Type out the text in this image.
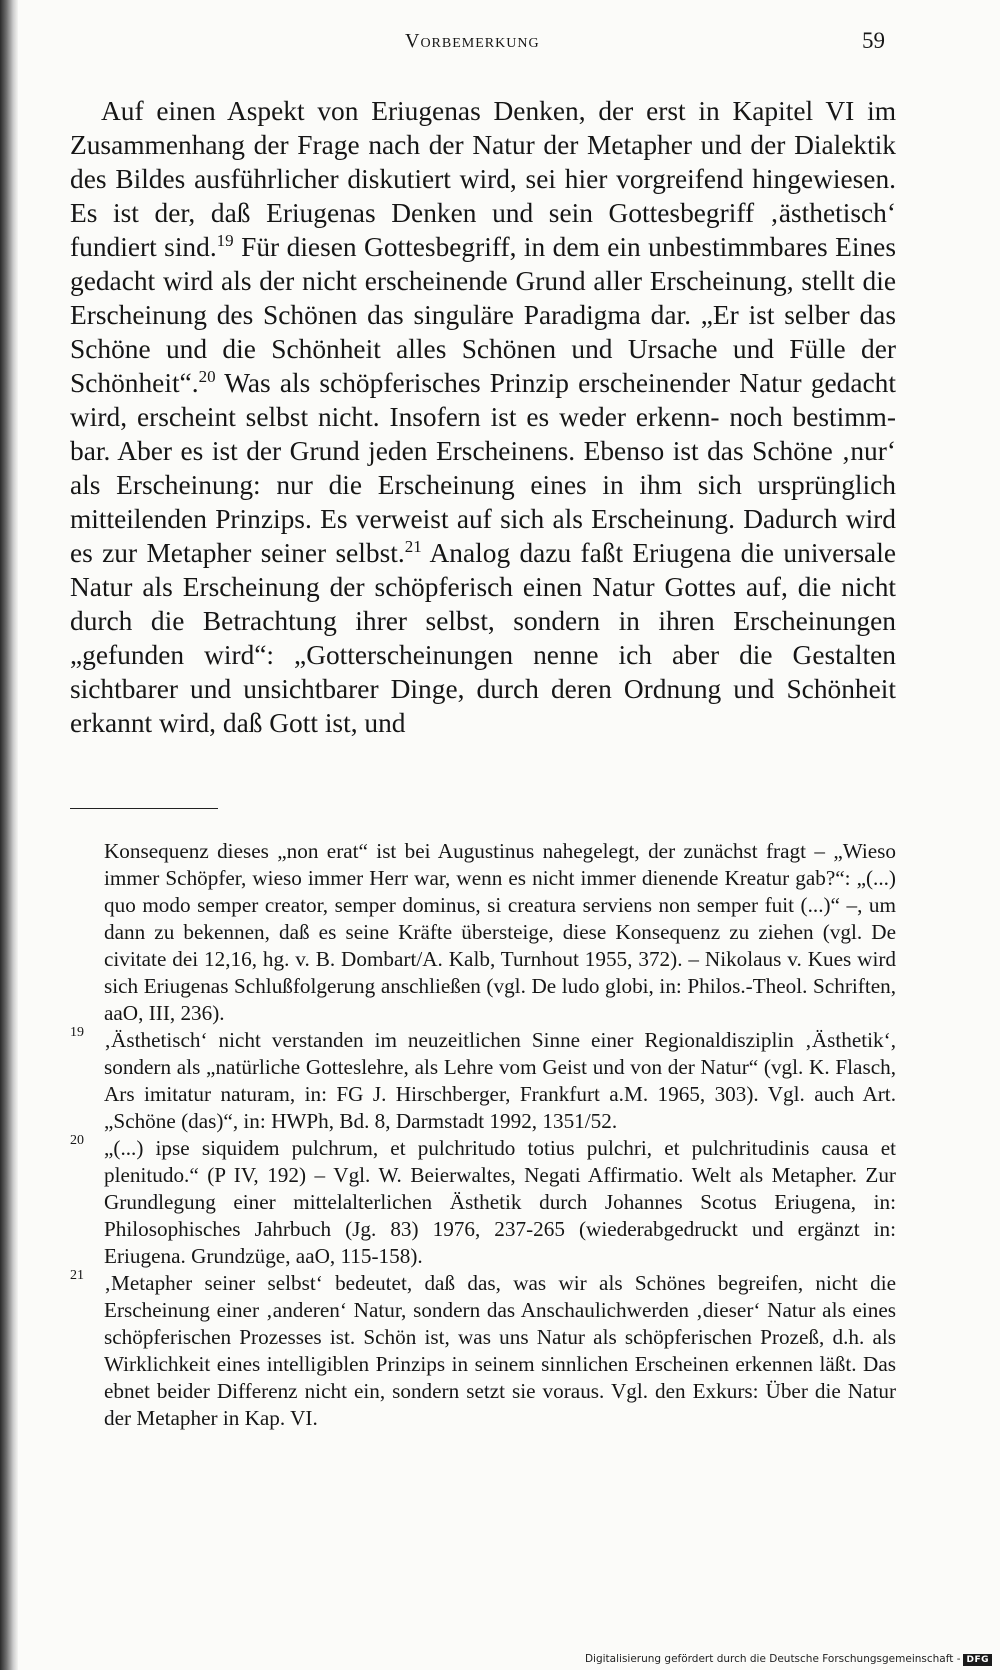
Vorbemerkung	59

Auf einen Aspekt von Eriugenas Denken, der erst in Kapitel VI im Zusammenhang der Frage nach der Natur der Metapher und der Dialektik des Bildes ausführlicher diskutiert wird, sei hier vorgreifend hingewiesen. Es ist der, daß Eriugenas Denken und sein Gottesbegriff ‚ästhetisch‘ fundiert sind.$^{19}$ Für diesen Gottesbegriff, in dem ein unbestimmbares Eines gedacht wird als der nicht erscheinende Grund aller Erscheinung, stellt die Erscheinung des Schönen das singuläre Paradigma dar. „Er ist selber das Schöne und die Schönheit alles Schönen und Ursache und Fülle der Schönheit“.$^{20}$ Was als schöpferisches Prinzip erscheinender Natur gedacht wird, erscheint selbst nicht. Insofern ist es weder erkenn- noch bestimmbar. Aber es ist der Grund jeden Erscheinens. Ebenso ist das Schöne ‚nur‘ als Erscheinung: nur die Erscheinung eines in ihm sich ursprünglich mitteilenden Prinzips. Es verweist auf sich als Erscheinung. Dadurch wird es zur Metapher seiner selbst.$^{21}$ Analog dazu faßt Eriugena die universale Natur als Erscheinung der schöpferisch einen Natur Gottes auf, die nicht durch die Betrachtung ihrer selbst, sondern in ihren Erscheinungen „gefunden wird“: „Gotterscheinungen nenne ich aber die Gestalten sichtbarer und unsichtbarer Dinge, durch deren Ordnung und Schönheit erkannt wird, daß Gott ist, und

Konsequenz dieses „non erat“ ist bei Augustinus nahegelegt, der zunächst fragt – „Wieso immer Schöpfer, wieso immer Herr war, wenn es nicht immer dienende Kreatur gab?“: „(...) quo modo semper creator, semper dominus, si creatura serviens non semper fuit (...)“ –, um dann zu bekennen, daß es seine Kräfte übersteige, diese Konsequenz zu ziehen (vgl. De civitate dei 12,16, hg. v. B. Dombart/A. Kalb, Turnhout 1955, 372). – Nikolaus v. Kues wird sich Eriugenas Schlußfolgerung anschließen (vgl. De ludo globi, in: Philos.-Theol. Schriften, aaO, III, 236).

19 ‚Ästhetisch‘ nicht verstanden im neuzeitlichen Sinne einer Regionaldisziplin ‚Ästhetik‘, sondern als „natürliche Gotteslehre, als Lehre vom Geist und von der Natur“ (vgl. K. Flasch, Ars imitatur naturam, in: FG J. Hirschberger, Frankfurt a.M. 1965, 303). Vgl. auch Art. „Schöne (das)“, in: HWPh, Bd. 8, Darmstadt 1992, 1351/52.

20 „(...) ipse siquidem pulchrum, et pulchritudo totius pulchri, et pulchritudinis causa et plenitudo.“ (P IV, 192) – Vgl. W. Beierwaltes, Negati Affirmatio. Welt als Metapher. Zur Grundlegung einer mittelalterlichen Ästhetik durch Johannes Scotus Eriugena, in: Philosophisches Jahrbuch (Jg. 83) 1976, 237-265 (wiederabgedruckt und ergänzt in: Eriugena. Grundzüge, aaO, 115-158).

21 ‚Metapher seiner selbst‘ bedeutet, daß das, was wir als Schönes begreifen, nicht die Erscheinung einer ‚anderen‘ Natur, sondern das Anschaulichwerden ‚dieser‘ Natur als eines schöpferischen Prozesses ist. Schön ist, was uns Natur als schöpferischen Prozeß, d.h. als Wirklichkeit eines intelligiblen Prinzips in seinem sinnlichen Erscheinen erkennen läßt. Das ebnet beider Differenz nicht ein, sondern setzt sie voraus. Vgl. den Exkurs: Über die Natur der Metapher in Kap. VI.

Digitalisierung gefördert durch die Deutsche Forschungsgemeinschaft - DFG
